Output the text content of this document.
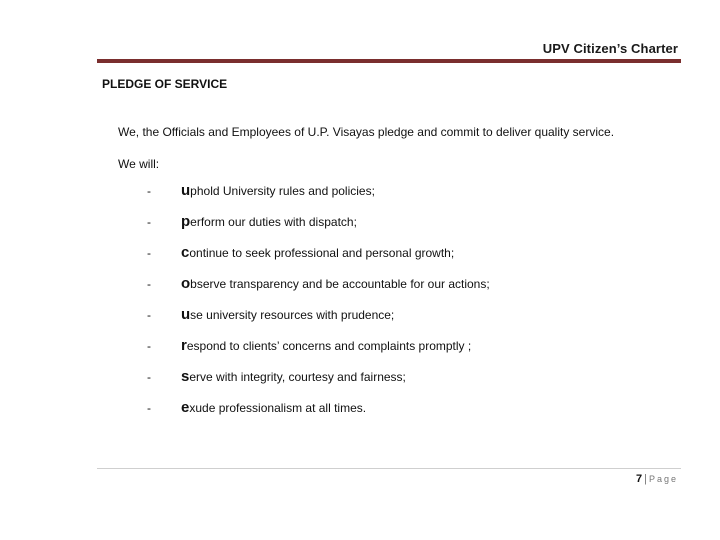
UPV Citizen’s Charter
PLEDGE OF SERVICE
We, the Officials and Employees of U.P. Visayas pledge and commit to deliver quality service.
We will:
-	u phold University rules and policies;
-	p erform our duties with dispatch;
-	c ontinue to seek professional and personal growth;
-	o bserve transparency and be accountable for our actions;
-	u se university resources with prudence;
-	r espond to clients’ concerns and complaints promptly ;
-	s erve with integrity, courtesy and fairness;
-	e xude professionalism at all times.
7 | Page
